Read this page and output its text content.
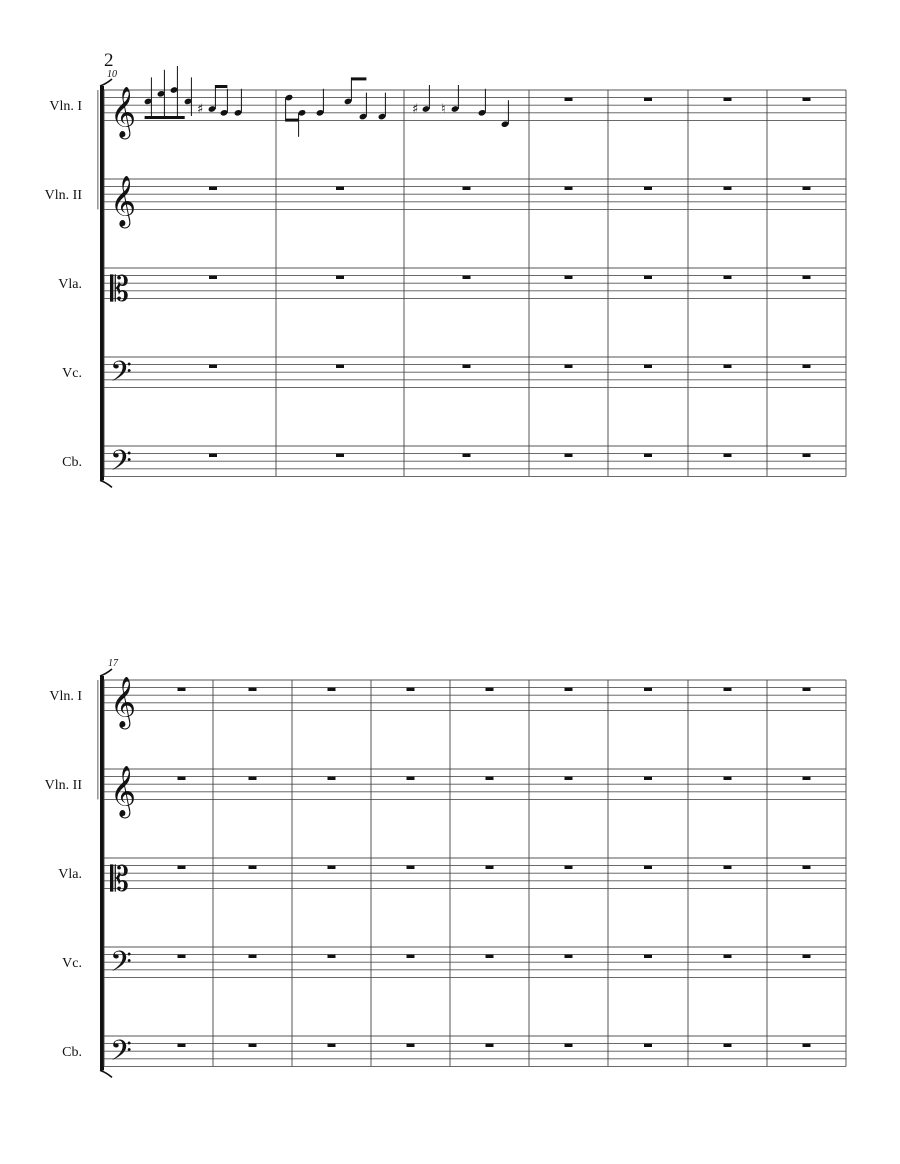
2
10
17
Vln. I 𝄞
Vln. II 𝄞
Vla. 𝄡
Vc. 𝄢
Cb. 𝄢
♯	♯ ♮
Vln. I 𝄞
Vln. II 𝄞
Vla. 𝄡
Vc. 𝄢
Cb. 𝄢
